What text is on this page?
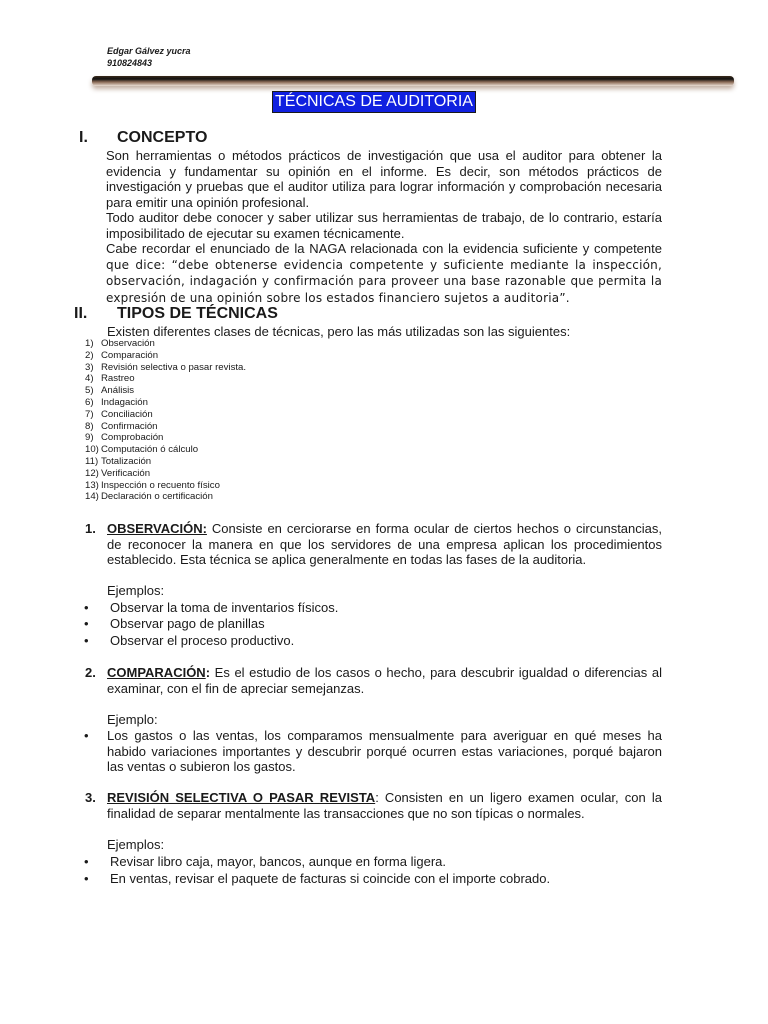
Edgar Gálvez yucra
910824843
TÉCNICAS DE AUDITORIA
I. CONCEPTO

Son herramientas o métodos prácticos de investigación que usa el auditor para obtener la evidencia y fundamentar su opinión en el informe. Es decir, son métodos prácticos de investigación y pruebas que el auditor utiliza para lograr información y comprobación necesaria para emitir una opinión profesional.

Todo auditor debe conocer y saber utilizar sus herramientas de trabajo, de lo contrario, estaría imposibilitado de ejecutar su examen técnicamente.

Cabe recordar el enunciado de la NAGA relacionada con la evidencia suficiente y competente que dice: “debe obtenerse evidencia competente y suficiente mediante la inspección, observación, indagación y confirmación para proveer una base razonable que permita la expresión de una opinión sobre los estados financiero sujetos a auditoria”.

II. TIPOS DE TÉCNICAS

Existen diferentes clases de técnicas, pero las más utilizadas son las siguientes:

1) Observación
2) Comparación
3) Revisión selectiva o pasar revista.
4) Rastreo
5) Análisis
6) Indagación
7) Conciliación
8) Confirmación
9) Comprobación
10) Computación ó cálculo
11) Totalización
12) Verificación
13) Inspección o recuento físico
14) Declaración o certificación
1. OBSERVACIÓN: Consiste en cerciorarse en forma ocular de ciertos hechos o circunstancias, de reconocer la manera en que los servidores de una empresa aplican los procedimientos establecido. Esta técnica se aplica generalmente en todas las fases de la auditoria.

Ejemplos:
• Observar la toma de inventarios físicos.

• Observar pago de planillas

• Observar el proceso productivo.

2. COMPARACIÓN: Es el estudio de los casos o hecho, para descubrir igualdad o diferencias al examinar, con el fin de apreciar semejanzas.

Ejemplo:
• Los gastos o las ventas, los comparamos mensualmente para averiguar en qué meses ha habido variaciones importantes y descubrir porqué ocurren estas variaciones, porqué bajaron las ventas o subieron los gastos.

3. REVISIÓN SELECTIVA O PASAR REVISTA: Consisten en un ligero examen ocular, con la finalidad de separar mentalmente las transacciones que no son típicas o normales.

Ejemplos:
• Revisar libro caja, mayor, bancos, aunque en forma ligera.

• En ventas, revisar el paquete de facturas si coincide con el importe cobrado.
